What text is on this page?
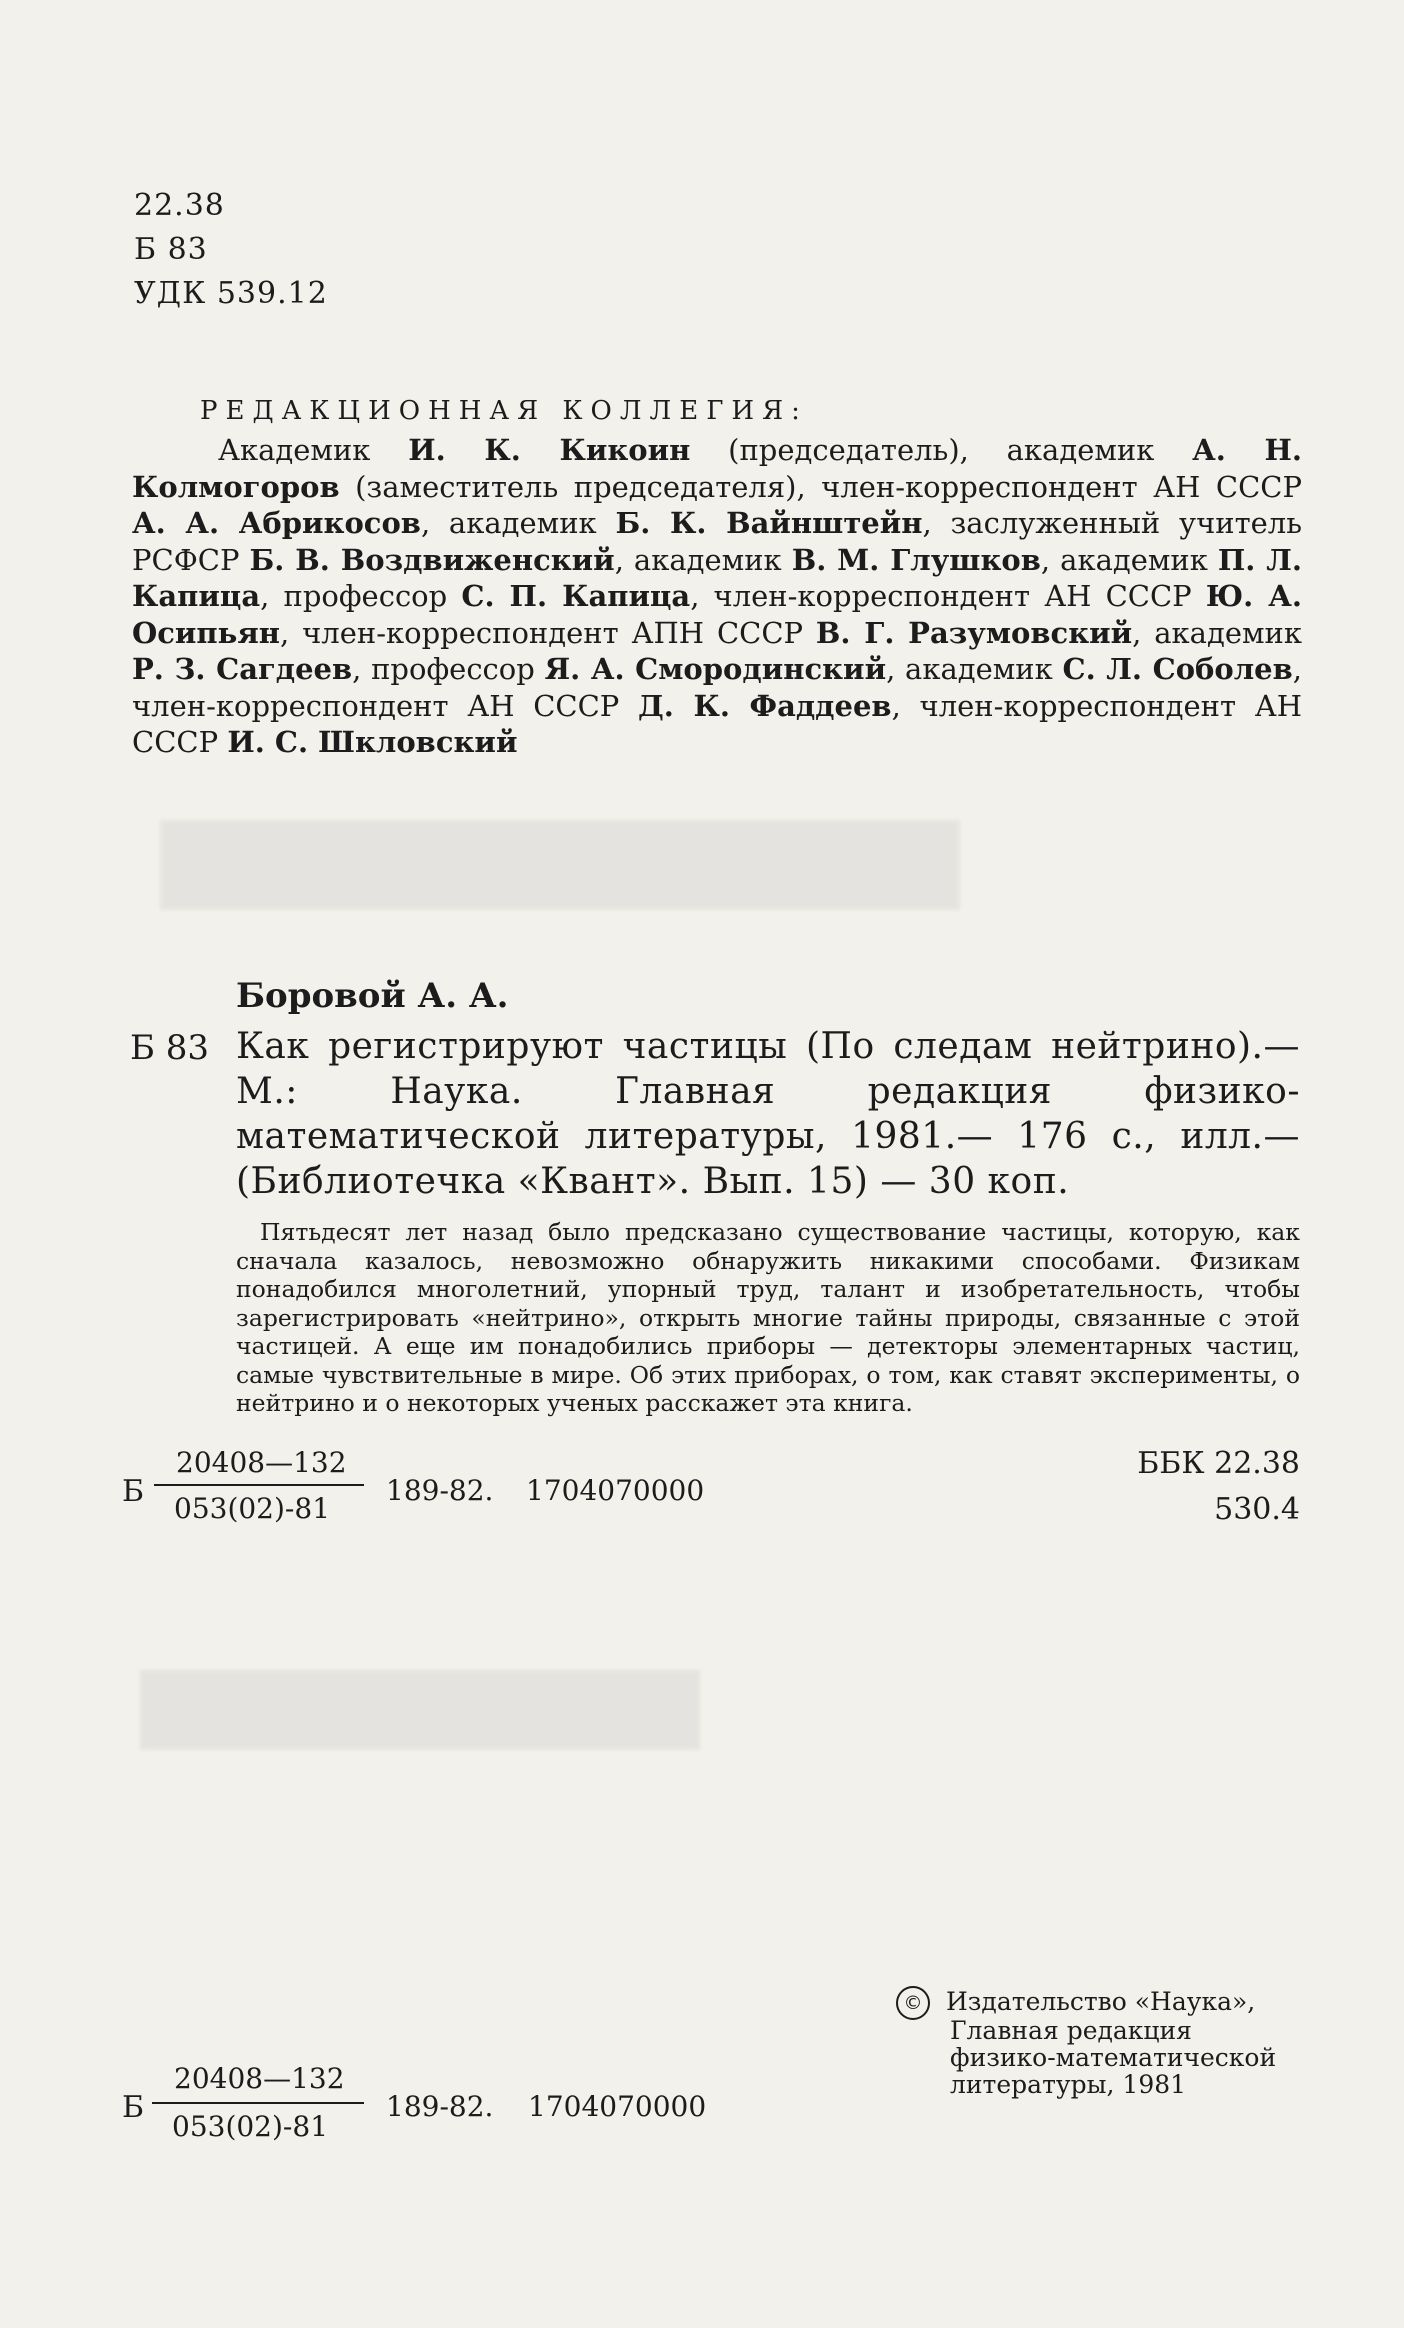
22.38
Б 83
УДК 539.12
РЕДАКЦИОННАЯ КОЛЛЕГИЯ:
Академик И. К. Кикоин (председатель), академик А. Н. Колмогоров (заместитель председателя), член-корреспондент АН СССР А. А. Абрикосов, академик Б. К. Вайнштейн, заслуженный учитель РСФСР Б. В. Воздвиженский, академик В. М. Глушков, академик П. Л. Капица, профессор С. П. Капица, член-корреспондент АН СССР Ю. А. Осипьян, член-корреспондент АПН СССР В. Г. Разумовский, академик Р. З. Сагдеев, профессор Я. А. Смородинский, академик С. Л. Соболев, член-корреспондент АН СССР Д. К. Фаддеев, член-корреспондент АН СССР И. С. Шкловский
Боровой А. А.
Б 83 Как регистрируют частицы (По следам нейтрино).— М.: Наука. Главная редакция физико-математической литературы, 1981.— 176 с., илл.— (Библиотечка «Квант». Вып. 15) — 30 коп.
Пятьдесят лет назад было предсказано существование частицы, которую, как сначала казалось, невозможно обнаружить никакими способами. Физикам понадобился многолетний, упорный труд, талант и изобретательность, чтобы зарегистрировать «нейтрино», открыть многие тайны природы, связанные с этой частицей. А еще им понадобились приборы — детекторы элементарных частиц, самые чувствительные в мире. Об этих приборах, о том, как ставят эксперименты, о нейтрино и о некоторых ученых расскажет эта книга.
Б
20408—132
053(02)-81
189-82. 1704070000
ББК 22.38
530.4
Б
20408—132
053(02)-81
189-82. 1704070000
© Издательство «Наука»,
Главная редакция
физико-математической
литературы, 1981
